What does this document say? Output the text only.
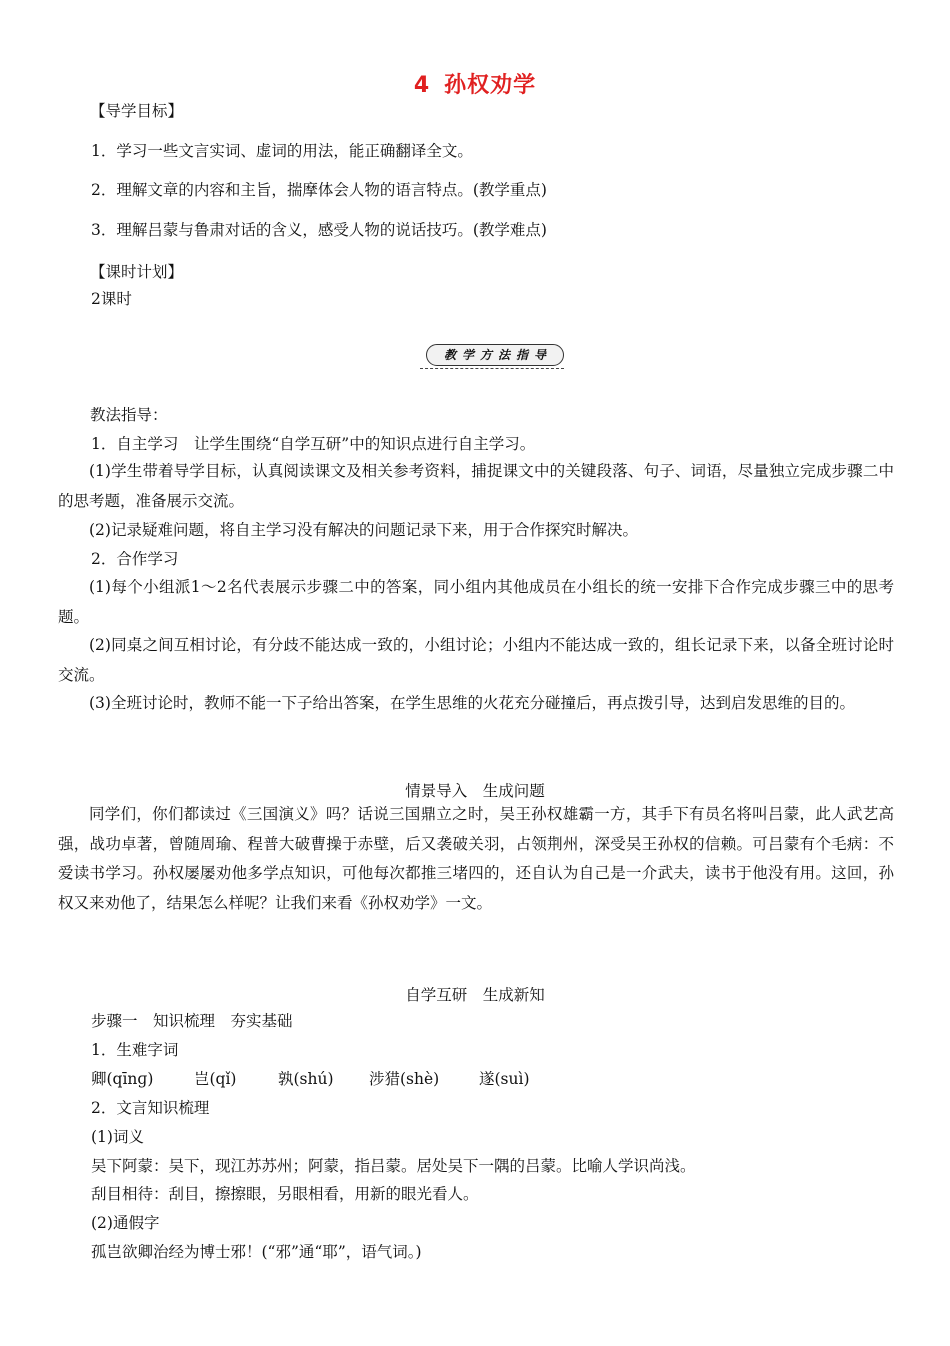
4 孙权劝学
【导学目标】
1．学习一些文言实词、虚词的用法，能正确翻译全文。
2．理解文章的内容和主旨，揣摩体会人物的语言特点。(教学重点)
3．理解吕蒙与鲁肃对话的含义，感受人物的说话技巧。(教学难点)
【课时计划】
2课时
教 学 方 法 指 导
教法指导：
1．自主学习　让学生围绕“自学互研”中的知识点进行自主学习。
(1)学生带着导学目标，认真阅读课文及相关参考资料，捕捉课文中的关键段落、句子、词语，尽量独立完成步骤二中的思考题，准备展示交流。
(2)记录疑难问题，将自主学习没有解决的问题记录下来，用于合作探究时解决。
2．合作学习
(1)每个小组派1～2名代表展示步骤二中的答案，同小组内其他成员在小组长的统一安排下合作完成步骤三中的思考题。
(2)同桌之间互相讨论，有分歧不能达成一致的，小组讨论；小组内不能达成一致的，组长记录下来，以备全班讨论时交流。
(3)全班讨论时，教师不能一下子给出答案，在学生思维的火花充分碰撞后，再点拨引导，达到启发思维的目的。
情景导入　生成问题
同学们，你们都读过《三国演义》吗？话说三国鼎立之时，吴王孙权雄霸一方，其手下有员名将叫吕蒙，此人武艺高强，战功卓著，曾随周瑜、程普大破曹操于赤壁，后又袭破关羽，占领荆州，深受吴王孙权的信赖。可吕蒙有个毛病：不爱读书学习。孙权屡屡劝他多学点知识，可他每次都推三堵四的，还自认为自己是一介武夫，读书于他没有用。这回，孙权又来劝他了，结果怎么样呢？让我们来看《孙权劝学》一文。
自学互研　生成新知
步骤一　知识梳理　夯实基础
1．生难字词
卿(qīnɡ)	岂(qǐ)	孰(shú) 涉猎(shè)	遂(suì)
2．文言知识梳理
(1)词义
吴下阿蒙：吴下，现江苏苏州；阿蒙，指吕蒙。居处吴下一隅的吕蒙。比喻人学识尚浅。
刮目相待：刮目，擦擦眼，另眼相看，用新的眼光看人。
(2)通假字
孤岂欲卿治经为博士邪！(“邪”通“耶”，语气词。)
